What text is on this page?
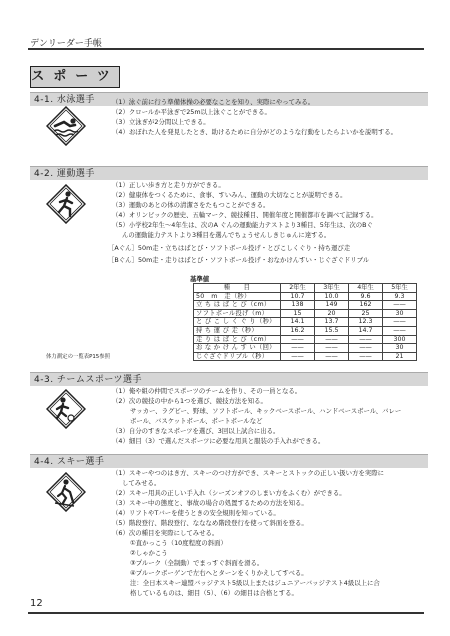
デンリーダー手帳
スポーツ
4-1. 水泳選手	（1）泳ぐ前に行う準備体操の必要なことを知り、実際にやってみる。
（2）クロールか平泳ぎで25m以上泳ぐことができる。
（3）立泳ぎが2分間以上できる。
（4）おぼれた人を発見したとき、助けるために自分がどのような行動をしたらよいかを説明する。
4-2. 運動選手
（1）正しい歩き方と走り方ができる。
（2）健康体をつくるために、食事、すいみん、運動の大切なことが説明できる。
（3）運動のあとの体の清潔さをたもつことができる。
（4）オリンピックの歴史、五輪マーク、競技種目、開催年度と開催都市を調べて記録する。
（5）小学校2年生～4年生は、次のA ぐんの運動能力テストより3種目、5年生は、次のBぐ
んの運動能力テストより3種目を選んでちょうせんしきじゅんに達する。
［Aぐん］50m走・立ちはばとび・ソフトボール投げ・とびこしくぐり・持ち運び走
［Bぐん］50m走・走りはばとび・ソフトボール投げ・おなかけんすい・じぐざぐドリブル
基準値
種　　目	2年生	3年生	4年生	5年生
50　m　走（秒）	10.7	10.0	9.6	9.3
立 ち は ば と び（cm）	138	149	162	——
ソフトボール投げ（m）	15	20	25	30
と び こ し く ぐ り（秒）	14.1	13.7	12.3	——
持 ち 運 び 走（秒）	16.2	15.5	14.7	——
走 り は ば と び（cm）	——	——	——	300
お な か け ん す い（回）	——	——	——	30
じぐざぐドリブル（秒）	——	——	——	21
体力測定の一覧表P15参照
4-3. チームスポーツ選手
（1）俺や組の仲間でスポーツのチームを作り、その一員となる。
（2）次の競技の中から1つを選び、競技方法を知る。
サッカー、ラグビー、野球、ソフトボール、キックベースボール、ハンドベースボール、バレー
ボール、バスケットボール、ポートボールなど
（3）自分のすきなスポーツを選び、3回以上試合に出る。
（4）細目（3）で選んだスポーツに必要な用具と服装の手入れができる。
4-4. スキー選手
（1）スキーやつのはき方、スキーのつけ方ができ、スキーとストックの正しい扱い方を実際に
してみせる。
（2）スキー用具の正しい手入れ（シーズンオフのしまい方をふくむ）ができる。
（3）スキー中の態度と、事故の場合の処置するための方法を知る。
（4）リフトやTバーを使うときの安全規則を知っている。
（5）階段登行、階段登行、なななめ階段登行を使って斜面を登る。
（6）次の種目を実際にしてみせる。
①直かっこう（10度程度の斜面）
②しゃかこう
③プルーク（全制動）でまっすぐ斜面を滑る。
④プルークボーゲンで左右へとターンをくりかえしてすべる。
注：全日本スキー連盟バッジテスト5級以上またはジュニアーバッジテスト4級以上に合
格しているものは、細目（5）、（6）の細目は合格とする。
12
